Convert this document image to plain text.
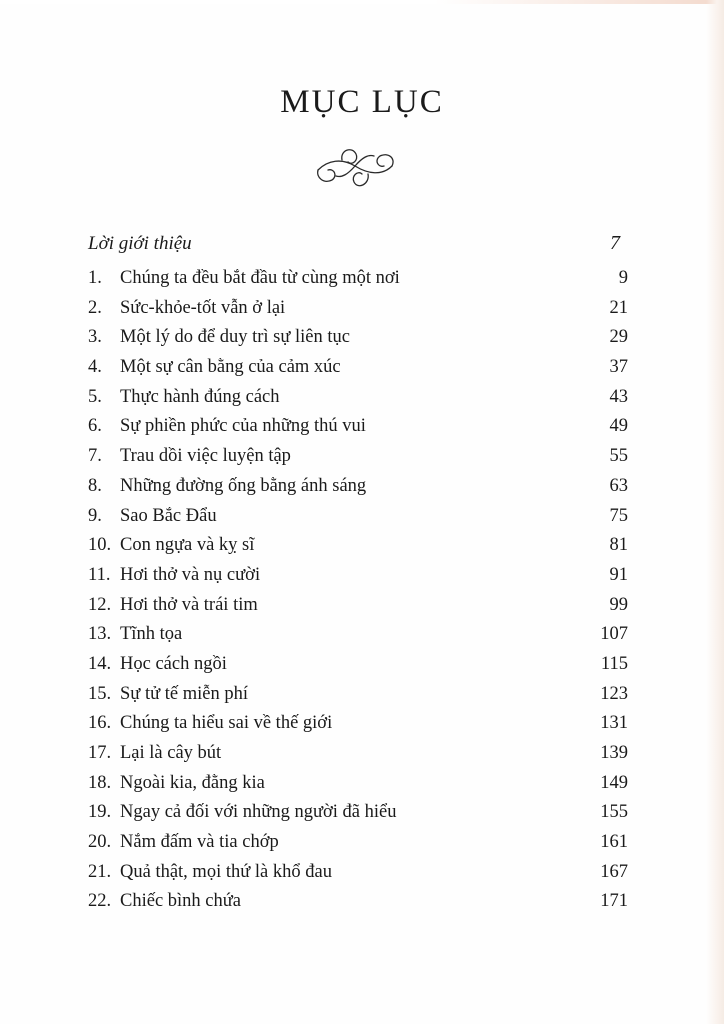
MỤC LỤC
Lời giới thiệu	7
1. Chúng ta đều bắt đầu từ cùng một nơi	9
2. Sức-khỏe-tốt vẫn ở lại	21
3. Một lý do để duy trì sự liên tục	29
4. Một sự cân bằng của cảm xúc	37
5. Thực hành đúng cách	43
6. Sự phiền phức của những thú vui	49
7. Trau dồi việc luyện tập	55
8. Những đường ống bằng ánh sáng	63
9. Sao Bắc Đẩu	75
10. Con ngựa và kỵ sĩ	81
11. Hơi thở và nụ cười	91
12. Hơi thở và trái tim	99
13. Tĩnh tọa	107
14. Học cách ngồi	115
15. Sự tử tế miễn phí	123
16. Chúng ta hiểu sai về thế giới	131
17. Lại là cây bút	139
18. Ngoài kia, đằng kia	149
19. Ngay cả đối với những người đã hiểu	155
20. Nắm đấm và tia chớp	161
21. Quả thật, mọi thứ là khổ đau	167
22. Chiếc bình chứa	171
